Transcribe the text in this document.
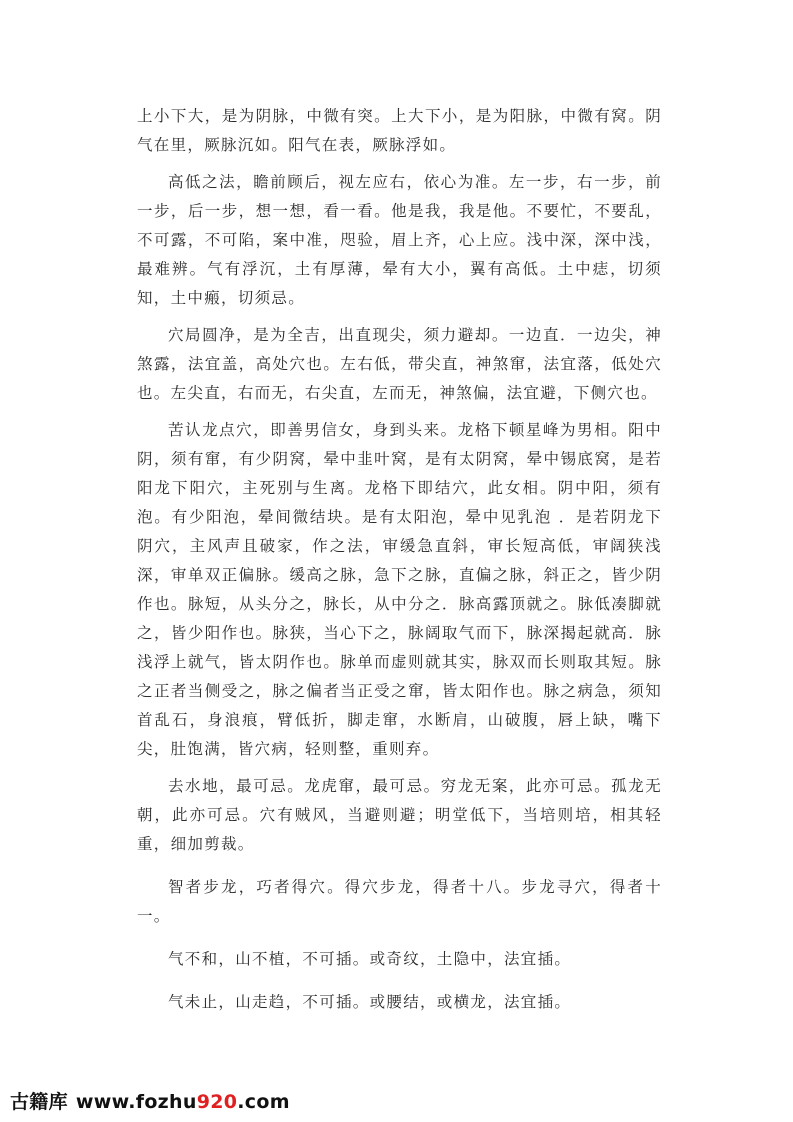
上小下大，是为阴脉，中微有突。上大下小，是为阳脉，中微有窝。阴气在里，厥脉沉如。阳气在表，厥脉浮如。

高低之法，瞻前顾后，视左应右，依心为准。左一步，右一步，前一步，后一步，想一想，看一看。他是我，我是他。不要忙，不要乱，不可露，不可陷，案中准，咫验，眉上齐，心上应。浅中深，深中浅，最难辨。气有浮沉，土有厚薄，晕有大小，翼有高低。土中痣，切须知，土中瘢，切须忌。

穴局圆净，是为全吉，出直现尖，须力避却。一边直．一边尖，神煞露，法宜盖，高处穴也。左右低，带尖直，神煞窜，法宜落，低处穴也。左尖直，右而无，右尖直，左而无，神煞偏，法宜避，下侧穴也。

苦认龙点穴，即善男信女，身到头来。龙格下顿星峰为男相。阳中阴，须有窜，有少阴窝，晕中韭叶窝，是有太阴窝，晕中锡底窝，是若阳龙下阳穴，主死别与生离。龙格下即结穴，此女相。阴中阳，须有泡。有少阳泡，晕间微结块。是有太阳泡，晕中见乳泡 ．是若阴龙下阴穴，主风声且破家，作之法，审缓急直斜，审长短高低，审阔狭浅深，审单双正偏脉。缓高之脉，急下之脉，直偏之脉，斜正之，皆少阴作也。脉短，从头分之，脉长，从中分之．脉高露顶就之。脉低凑脚就之，皆少阳作也。脉狭，当心下之，脉阔取气而下，脉深揭起就高．脉浅浮上就气，皆太阴作也。脉单而虚则就其实，脉双而长则取其短。脉之正者当侧受之，脉之偏者当正受之窜，皆太阳作也。脉之病急，须知首乱石，身浪痕，臂低折，脚走窜，水断肩，山破腹，唇上缺，嘴下尖，肚饱满，皆穴病，轻则整，重则弃。

去水地，最可忌。龙虎窜，最可忌。穷龙无案，此亦可忌。孤龙无朝，此亦可忌。穴有贼风，当避则避；明堂低下，当培则培，相其轻重，细加剪裁。

智者步龙，巧者得穴。得穴步龙，得者十八。步龙寻穴，得者十一。

气不和，山不植，不可插。或奇纹，土隐中，法宜插。

气未止，山走趋，不可插。或腰结，或横龙，法宜插。

古籍库 www.fozhu920.com
